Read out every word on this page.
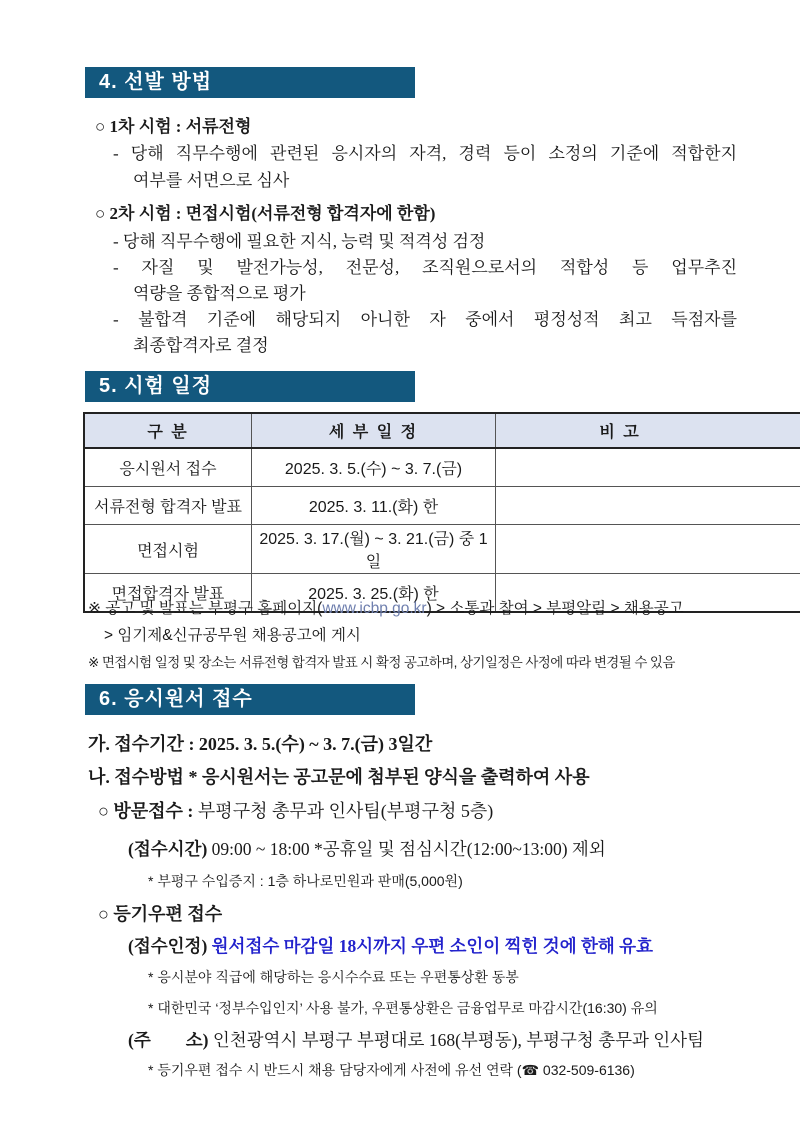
4. 선발 방법
○ 1차 시험 : 서류전형
- 당해 직무수행에 관련된 응시자의 자격, 경력 등이 소정의 기준에 적합한지
여부를 서면으로 심사
○ 2차 시험 : 면접시험(서류전형 합격자에 한함)
- 당해 직무수행에 필요한 지식, 능력 및 적격성 검정
- 자질 및 발전가능성, 전문성, 조직원으로서의 적합성 등 업무추진
역량을 종합적으로 평가
- 불합격 기준에 해당되지 아니한 자 중에서 평정성적 최고 득점자를
최종합격자로 결정
5. 시험 일정
구 분	세 부 일 정	비 고
응시원서 접수	2025. 3. 5.(수) ~ 3. 7.(금)	
서류전형 합격자 발표	2025. 3. 11.(화) 한	
면접시험	2025. 3. 17.(월) ~ 3. 21.(금) 중 1일	
면접합격자 발표	2025. 3. 25.(화) 한	
※ 공고 및 발표는 부평구 홈페이지(www.icbp.go.kr) > 소통과 참여 > 부평알림 > 채용공고
> 임기제&신규공무원 채용공고에 게시
※ 면접시험 일정 및 장소는 서류전형 합격자 발표 시 확정 공고하며, 상기일정은 사정에 따라 변경될 수 있음
6. 응시원서 접수
가. 접수기간 : 2025. 3. 5.(수) ~ 3. 7.(금) 3일간
나. 접수방법 * 응시원서는 공고문에 첨부된 양식을 출력하여 사용
○ 방문접수 : 부평구청 총무과 인사팀(부평구청 5층)
(접수시간) 09:00 ~ 18:00 *공휴일 및 점심시간(12:00~13:00) 제외
* 부평구 수입증지 : 1층 하나로민원과 판매(5,000원)
○ 등기우편 접수
(접수인정) 원서접수 마감일 18시까지 우편 소인이 찍힌 것에 한해 유효
* 응시분야 직급에 해당하는 응시수수료 또는 우편통상환 동봉
* 대한민국 ‘정부수입인지’ 사용 불가, 우편통상환은 금융업무로 마감시간(16:30) 유의
(주　　소) 인천광역시 부평구 부평대로 168(부평동), 부평구청 총무과 인사팀
* 등기우편 접수 시 반드시 채용 담당자에게 사전에 유선 연락 (☎ 032-509-6136)
